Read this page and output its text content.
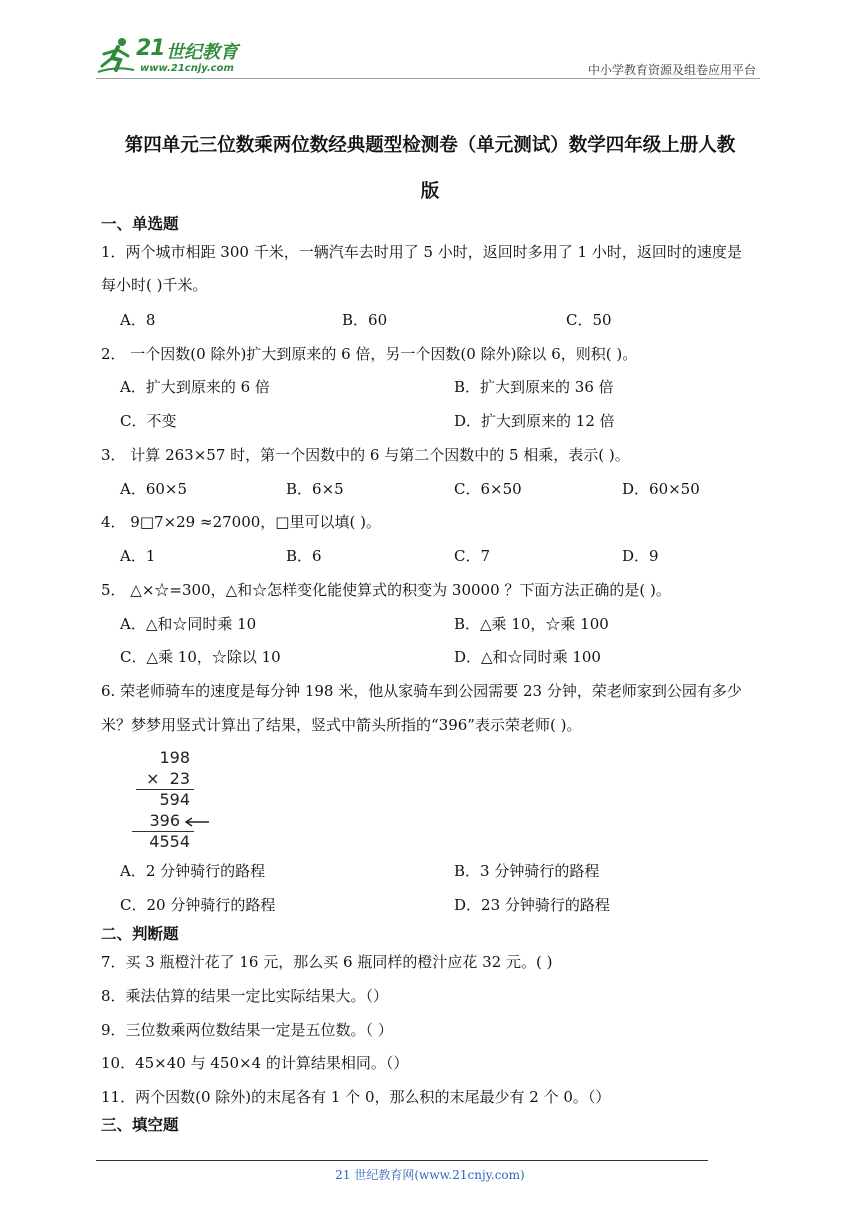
21 世纪教育
www.21cnjy.com	中小学教育资源及组卷应用平台
第四单元三位数乘两位数经典题型检测卷（单元测试）数学四年级上册人教
版
一、单选题
1．两个城市相距 300 千米，一辆汽车去时用了 5 小时，返回时多用了 1 小时，返回时的速度是
每小时( )千米。
A．8	B．60	C．50
2． 一个因数(0 除外)扩大到原来的 6 倍，另一个因数(0 除外)除以 6，则积( )。
A．扩大到原来的 6 倍	B．扩大到原来的 36 倍
C．不变	D．扩大到原来的 12 倍
3． 计算 263×57 时，第一个因数中的 6 与第二个因数中的 5 相乘，表示( )。
A．60×5	B．6×5	C．6×50	D．60×50
4． 9□7×29 ≈27000，□里可以填( )。
A．1	B．6	C．7	D．9
5． △×☆=300，△和☆怎样变化能使算式的积变为 30000 ？下面方法正确的是( )。
A．△和☆同时乘 10	B．△乘 10，☆乘 100
C．△乘 10，☆除以 10	D．△和☆同时乘 100
6. 荣老师骑车的速度是每分钟 198 米，他从家骑车到公园需要 23 分钟，荣老师家到公园有多少
米？梦梦用竖式计算出了结果，竖式中箭头所指的“396”表示荣老师( )。
198
×  23
594
396
4554
A．2 分钟骑行的路程	B．3 分钟骑行的路程
C．20 分钟骑行的路程	D．23 分钟骑行的路程
二、判断题
7．买 3 瓶橙汁花了 16 元，那么买 6 瓶同样的橙汁应花 32 元。( )
8．乘法估算的结果一定比实际结果大。（）
9．三位数乘两位数结果一定是五位数。（ ）
10．45×40 与 450×4 的计算结果相同。（）
11．两个因数(0 除外)的末尾各有 1 个 0，那么积的末尾最少有 2 个 0。（）
三、填空题
21 世纪教育网(www.21cnjy.com)
